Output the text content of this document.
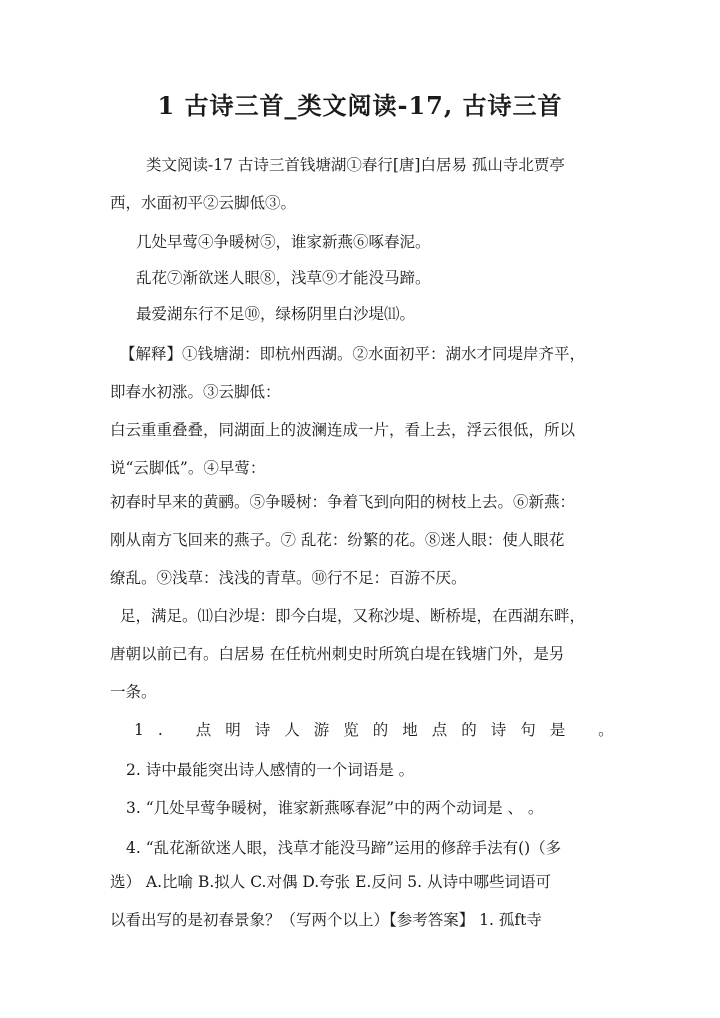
1 古诗三首_类文阅读-17, 古诗三首
类文阅读-17 古诗三首钱塘湖①春行[唐]白居易 孤山寺北贾亭
西，水面初平②云脚低③。
几处早莺④争暖树⑤，谁家新燕⑥啄春泥。
乱花⑦渐欲迷人眼⑧，浅草⑨才能没马蹄。
最爱湖东行不足⑩，绿杨阴里白沙堤⑾。
【解释】①钱塘湖：即杭州西湖。②水面初平：湖水才同堤岸齐平，
即春水初涨。③云脚低：
白云重重叠叠，同湖面上的波澜连成一片，看上去，浮云很低，所以
说“云脚低”。④早莺：
初春时早来的黄鹂。⑤争暖树：争着飞到向阳的树枝上去。⑥新燕：
刚从南方飞回来的燕子。⑦ 乱花：纷繁的花。⑧迷人眼：使人眼花
缭乱。⑨浅草：浅浅的青草。⑩行不足：百游不厌。
足，满足。⑾白沙堤：即今白堤，又称沙堤、断桥堤，在西湖东畔，
唐朝以前已有。白居易 在任杭州刺史时所筑白堤在钱塘门外，是另
一条。
1. 点明诗人游览的地点的诗句是 。
2. 诗中最能突出诗人感情的一个词语是 。
3. “几处早莺争暖树，谁家新燕啄春泥”中的两个动词是 、 。
4. “乱花渐欲迷人眼，浅草才能没马蹄”运用的修辞手法有()（多
选） A.比喻 B.拟人 C.对偶 D.夸张 E.反问 5. 从诗中哪些词语可
以看出写的是初春景象？（写两个以上）【参考答案】 1. 孤ft寺
